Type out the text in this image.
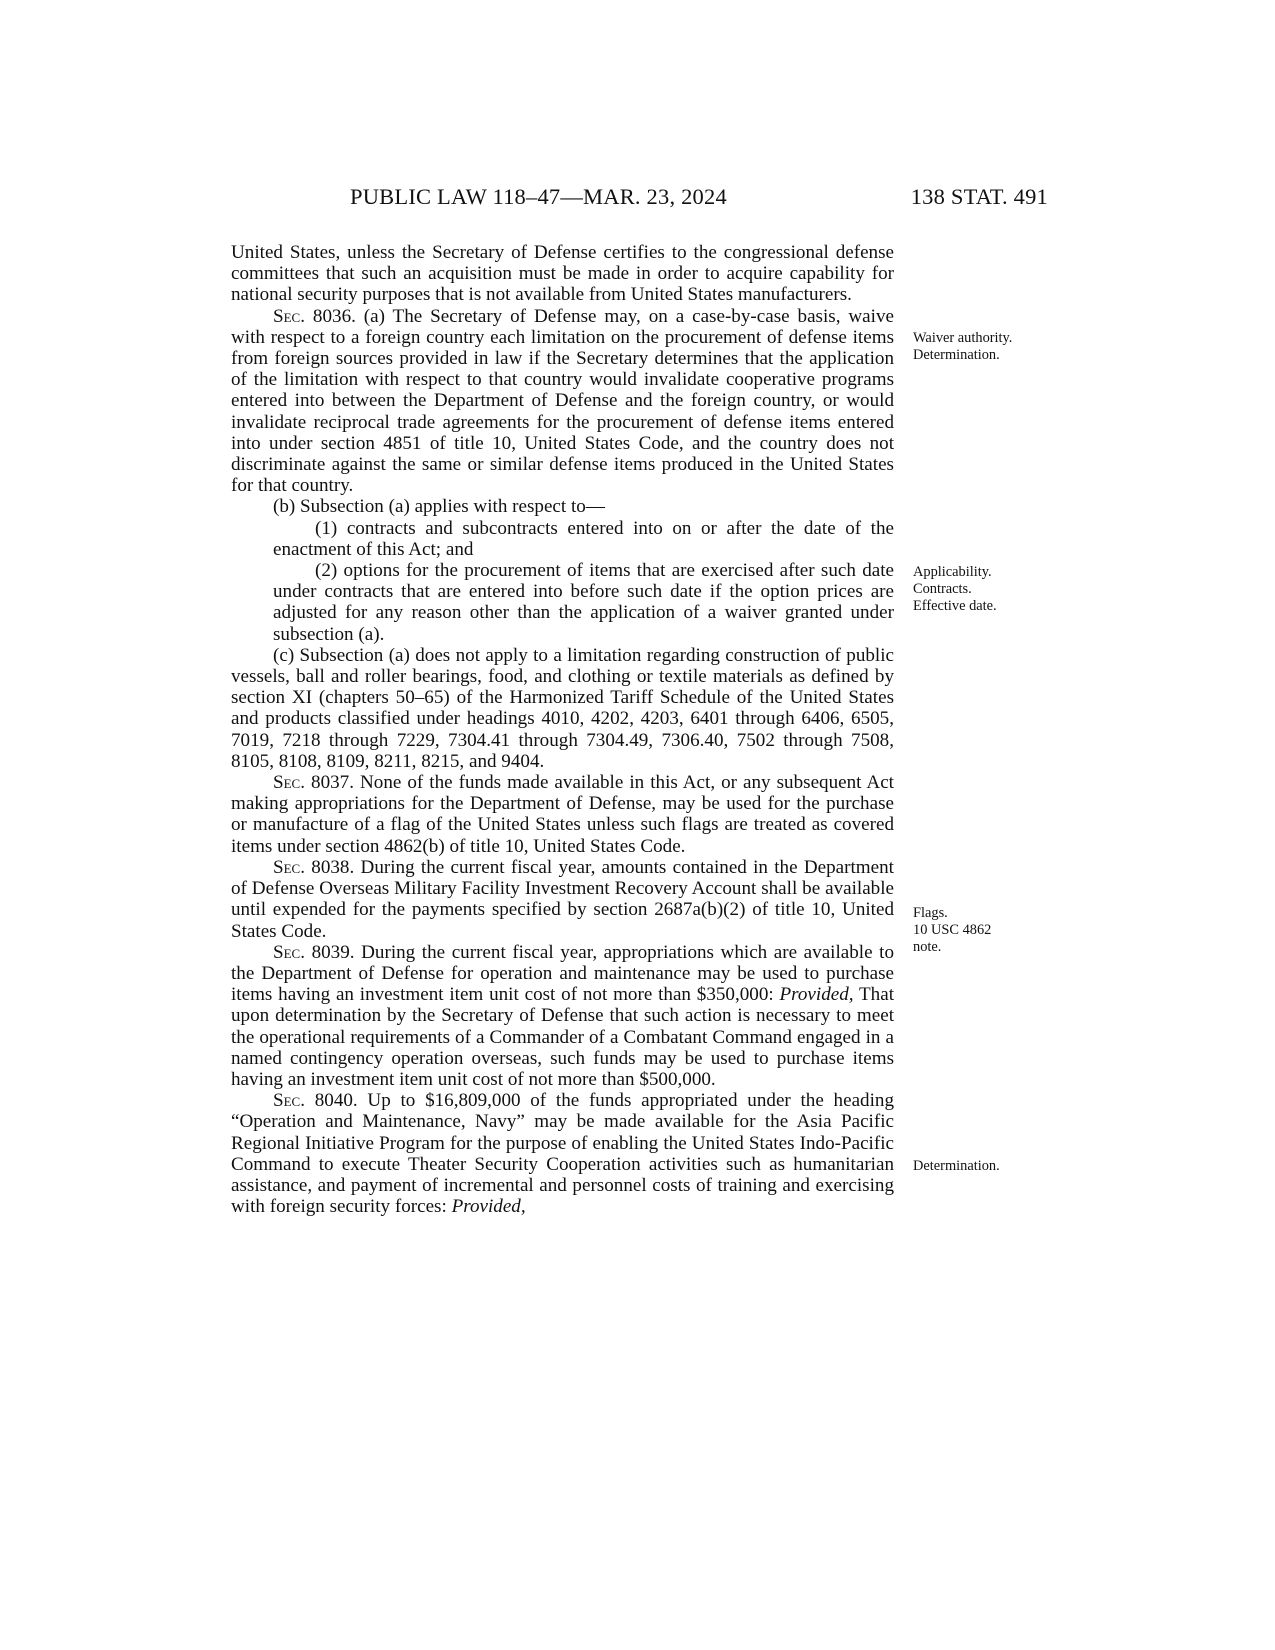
PUBLIC LAW 118–47—MAR. 23, 2024	138 STAT. 491

United States, unless the Secretary of Defense certifies to the congressional defense committees that such an acquisition must be made in order to acquire capability for national security purposes that is not available from United States manufacturers.

Sec. 8036. (a) The Secretary of Defense may, on a case-by-case basis, waive with respect to a foreign country each limitation on the procurement of defense items from foreign sources provided in law if the Secretary determines that the application of the limitation with respect to that country would invalidate cooperative programs entered into between the Department of Defense and the foreign country, or would invalidate reciprocal trade agreements for the procurement of defense items entered into under section 4851 of title 10, United States Code, and the country does not discriminate against the same or similar defense items produced in the United States for that country.

(b) Subsection (a) applies with respect to—

(1) contracts and subcontracts entered into on or after the date of the enactment of this Act; and

(2) options for the procurement of items that are exercised after such date under contracts that are entered into before such date if the option prices are adjusted for any reason other than the application of a waiver granted under subsection (a).

(c) Subsection (a) does not apply to a limitation regarding construction of public vessels, ball and roller bearings, food, and clothing or textile materials as defined by section XI (chapters 50–65) of the Harmonized Tariff Schedule of the United States and products classified under headings 4010, 4202, 4203, 6401 through 6406, 6505, 7019, 7218 through 7229, 7304.41 through 7304.49, 7306.40, 7502 through 7508, 8105, 8108, 8109, 8211, 8215, and 9404.

Sec. 8037. None of the funds made available in this Act, or any subsequent Act making appropriations for the Department of Defense, may be used for the purchase or manufacture of a flag of the United States unless such flags are treated as covered items under section 4862(b) of title 10, United States Code.

Sec. 8038. During the current fiscal year, amounts contained in the Department of Defense Overseas Military Facility Investment Recovery Account shall be available until expended for the payments specified by section 2687a(b)(2) of title 10, United States Code.

Sec. 8039. During the current fiscal year, appropriations which are available to the Department of Defense for operation and maintenance may be used to purchase items having an investment item unit cost of not more than $350,000: Provided, That upon determination by the Secretary of Defense that such action is necessary to meet the operational requirements of a Commander of a Combatant Command engaged in a named contingency operation overseas, such funds may be used to purchase items having an investment item unit cost of not more than $500,000.

Sec. 8040. Up to $16,809,000 of the funds appropriated under the heading “Operation and Maintenance, Navy” may be made available for the Asia Pacific Regional Initiative Program for the purpose of enabling the United States Indo-Pacific Command to execute Theater Security Cooperation activities such as humanitarian assistance, and payment of incremental and personnel costs of training and exercising with foreign security forces: Provided,

Waiver authority.
Determination.
Applicability.
Contracts.
Effective date.
Flags.
10 USC 4862
note.
Determination.
